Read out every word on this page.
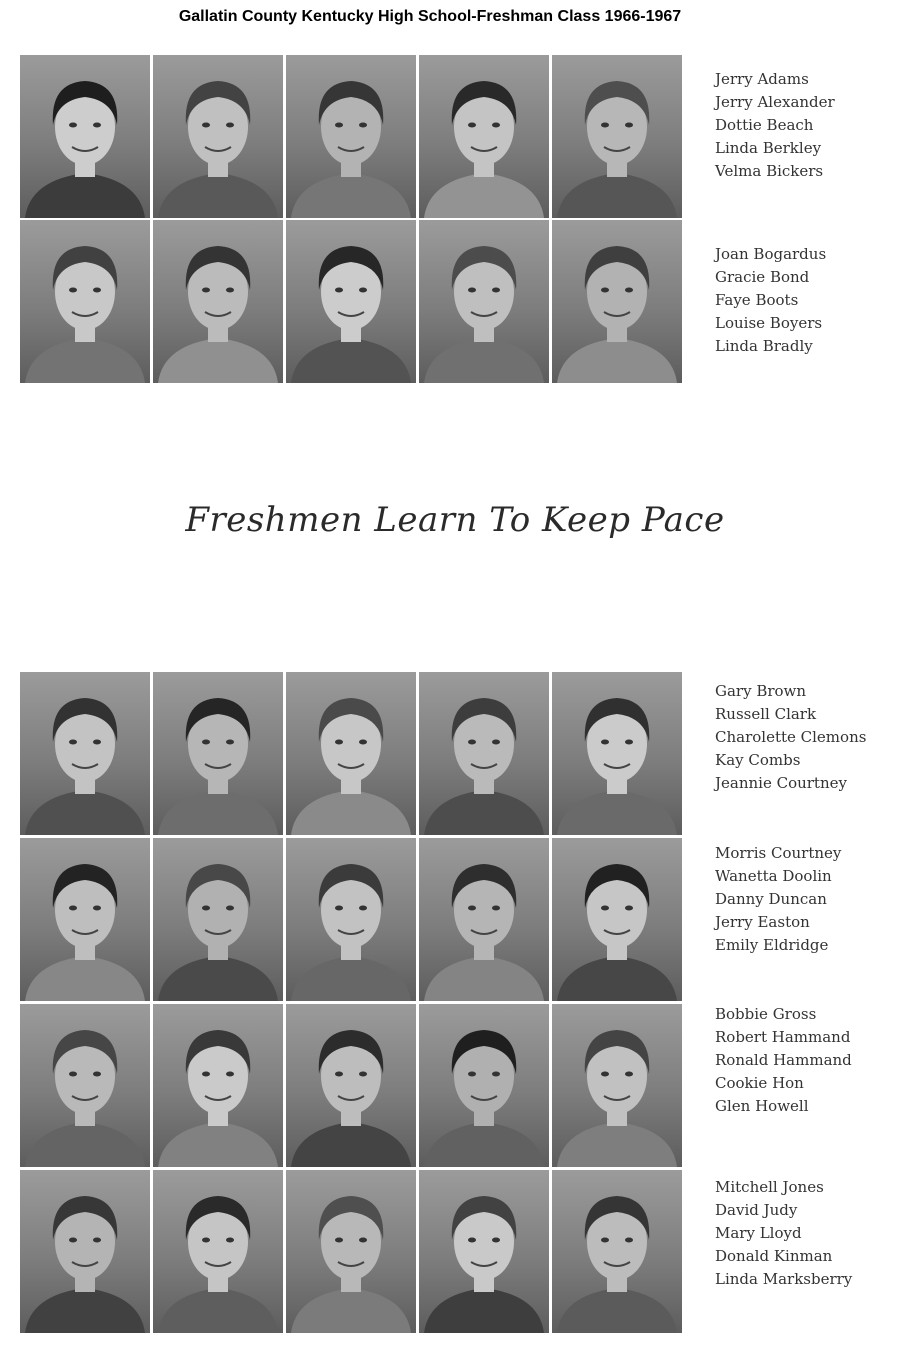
Gallatin County Kentucky High School-Freshman Class 1966-1967
Jerry Adams
Jerry Alexander
Dottie Beach
Linda Berkley
Velma Bickers
Joan Bogardus
Gracie Bond
Faye Boots
Louise Boyers
Linda Bradly
Freshmen Learn To Keep Pace
Gary Brown
Russell Clark
Charolette Clemons
Kay Combs
Jeannie Courtney
Morris Courtney
Wanetta Doolin
Danny Duncan
Jerry Easton
Emily Eldridge
Bobbie Gross
Robert Hammand
Ronald Hammand
Cookie Hon
Glen Howell
Mitchell Jones
David Judy
Mary Lloyd
Donald Kinman
Linda Marksberry
